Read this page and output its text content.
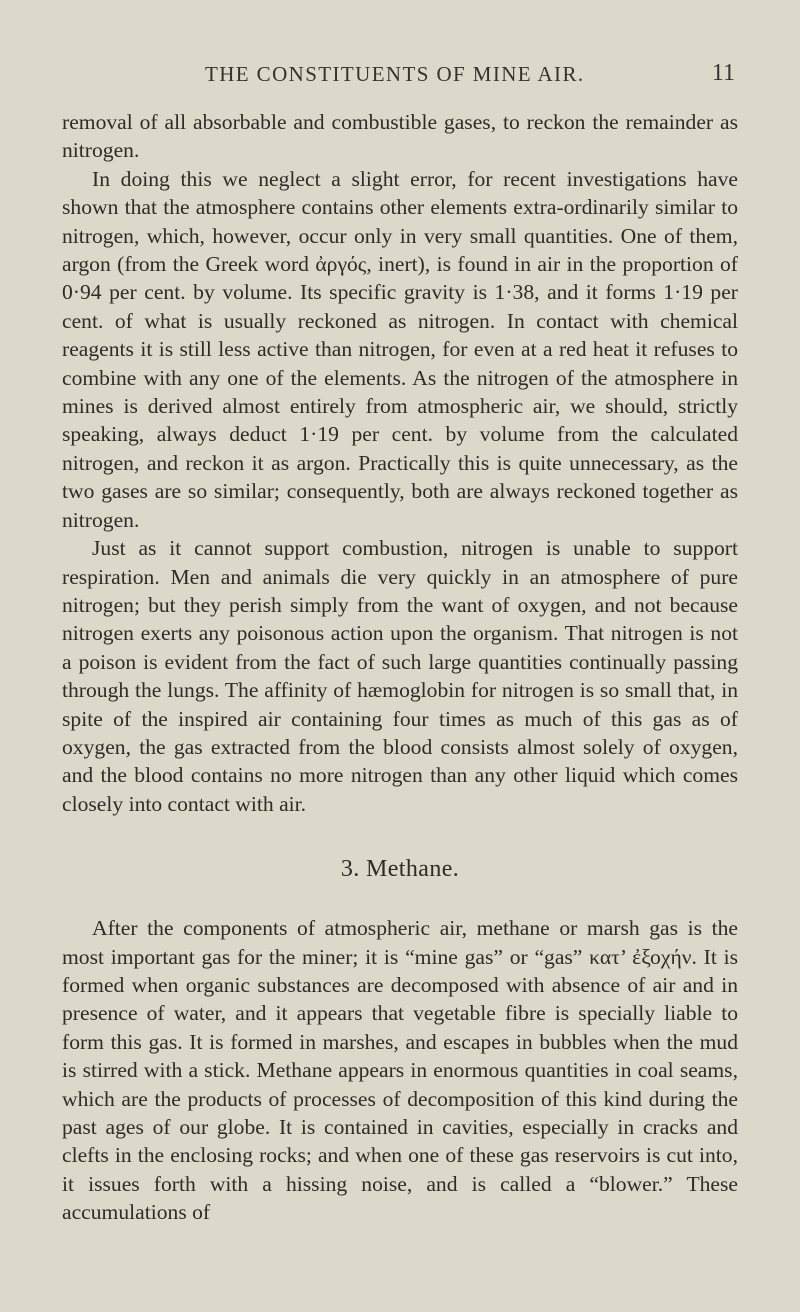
THE CONSTITUENTS OF MINE AIR.	11

removal of all absorbable and combustible gases, to reckon the remainder as nitrogen.

In doing this we neglect a slight error, for recent investigations have shown that the atmosphere contains other elements extra-ordinarily similar to nitrogen, which, however, occur only in very small quantities. One of them, argon (from the Greek word ἀργός, inert), is found in air in the proportion of 0·94 per cent. by volume. Its specific gravity is 1·38, and it forms 1·19 per cent. of what is usually reckoned as nitrogen. In contact with chemical reagents it is still less active than nitrogen, for even at a red heat it refuses to combine with any one of the elements. As the nitrogen of the atmosphere in mines is derived almost entirely from atmospheric air, we should, strictly speaking, always deduct 1·19 per cent. by volume from the calculated nitrogen, and reckon it as argon. Practically this is quite unnecessary, as the two gases are so similar; consequently, both are always reckoned together as nitrogen.

Just as it cannot support combustion, nitrogen is unable to support respiration. Men and animals die very quickly in an atmosphere of pure nitrogen; but they perish simply from the want of oxygen, and not because nitrogen exerts any poisonous action upon the organism. That nitrogen is not a poison is evident from the fact of such large quantities continually passing through the lungs. The affinity of hæmoglobin for nitrogen is so small that, in spite of the inspired air containing four times as much of this gas as of oxygen, the gas extracted from the blood consists almost solely of oxygen, and the blood contains no more nitrogen than any other liquid which comes closely into contact with air.

3. Methane.

After the components of atmospheric air, methane or marsh gas is the most important gas for the miner; it is “mine gas” or “gas” κατ’ ἐξοχήν. It is formed when organic substances are decomposed with absence of air and in presence of water, and it appears that vegetable fibre is specially liable to form this gas. It is formed in marshes, and escapes in bubbles when the mud is stirred with a stick. Methane appears in enormous quantities in coal seams, which are the products of processes of decomposition of this kind during the past ages of our globe. It is contained in cavities, especially in cracks and clefts in the enclosing rocks; and when one of these gas reservoirs is cut into, it issues forth with a hissing noise, and is called a “blower.” These accumulations of
